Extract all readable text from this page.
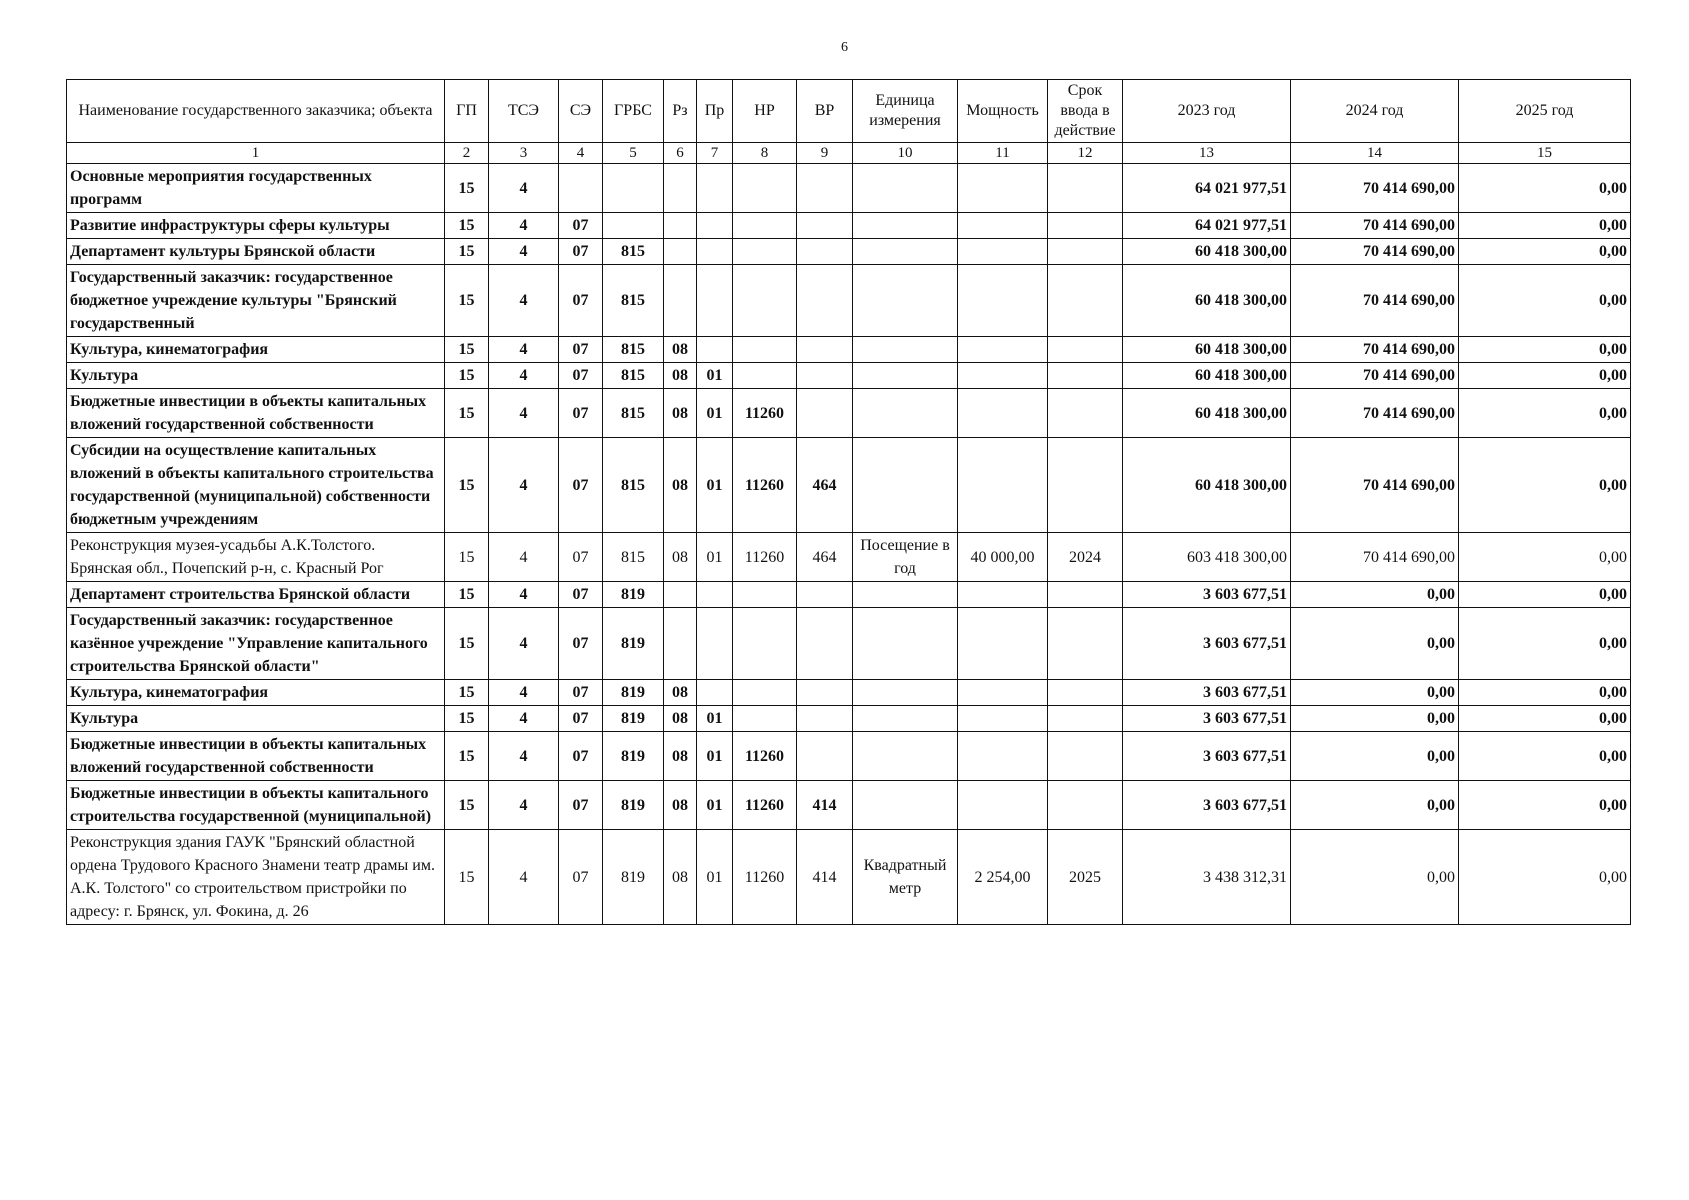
6
Наименование государственного заказчика; объекта	ГП	ТСЭ	СЭ	ГРБС	Рз	Пр	НР	ВР	Единица измерения	Мощность	Срок ввода в действие	2023 год	2024 год	2025 год
1	2	3	4	5	6	7	8	9	10	11	12	13	14	15
Основные мероприятия государственных программ	15	4										64 021 977,51	70 414 690,00	0,00
Развитие инфраструктуры сферы культуры	15	4	07									64 021 977,51	70 414 690,00	0,00
Департамент культуры Брянской области	15	4	07	815								60 418 300,00	70 414 690,00	0,00
Государственный заказчик: государственное бюджетное учреждение культуры "Брянский государственный	15	4	07	815								60 418 300,00	70 414 690,00	0,00
Культура, кинематография	15	4	07	815	08							60 418 300,00	70 414 690,00	0,00
Культура	15	4	07	815	08	01						60 418 300,00	70 414 690,00	0,00
Бюджетные инвестиции в объекты капитальных вложений государственной собственности	15	4	07	815	08	01	11260					60 418 300,00	70 414 690,00	0,00
Субсидии на осуществление капитальных вложений в объекты капитального строительства государственной (муниципальной) собственности бюджетным учреждениям	15	4	07	815	08	01	11260	464				60 418 300,00	70 414 690,00	0,00
Реконструкция музея-усадьбы А.К.Толстого. Брянская обл., Почепский р-н, с. Красный Рог	15	4	07	815	08	01	11260	464	Посещение в год	40 000,00	2024	603 418 300,00	70 414 690,00	0,00
Департамент строительства Брянской области	15	4	07	819								3 603 677,51	0,00	0,00
Государственный заказчик: государственное казённое учреждение "Управление капитального строительства Брянской области"	15	4	07	819								3 603 677,51	0,00	0,00
Культура, кинематография	15	4	07	819	08							3 603 677,51	0,00	0,00
Культура	15	4	07	819	08	01						3 603 677,51	0,00	0,00
Бюджетные инвестиции в объекты капитальных вложений государственной собственности	15	4	07	819	08	01	11260					3 603 677,51	0,00	0,00
Бюджетные инвестиции в объекты капитального строительства государственной (муниципальной)	15	4	07	819	08	01	11260	414				3 603 677,51	0,00	0,00
Реконструкция здания ГАУК "Брянский областной ордена Трудового Красного Знамени театр драмы им. А.К. Толстого" со строительством пристройки по адресу: г. Брянск, ул. Фокина, д. 26	15	4	07	819	08	01	11260	414	Квадратный метр	2 254,00	2025	3 438 312,31	0,00	0,00
